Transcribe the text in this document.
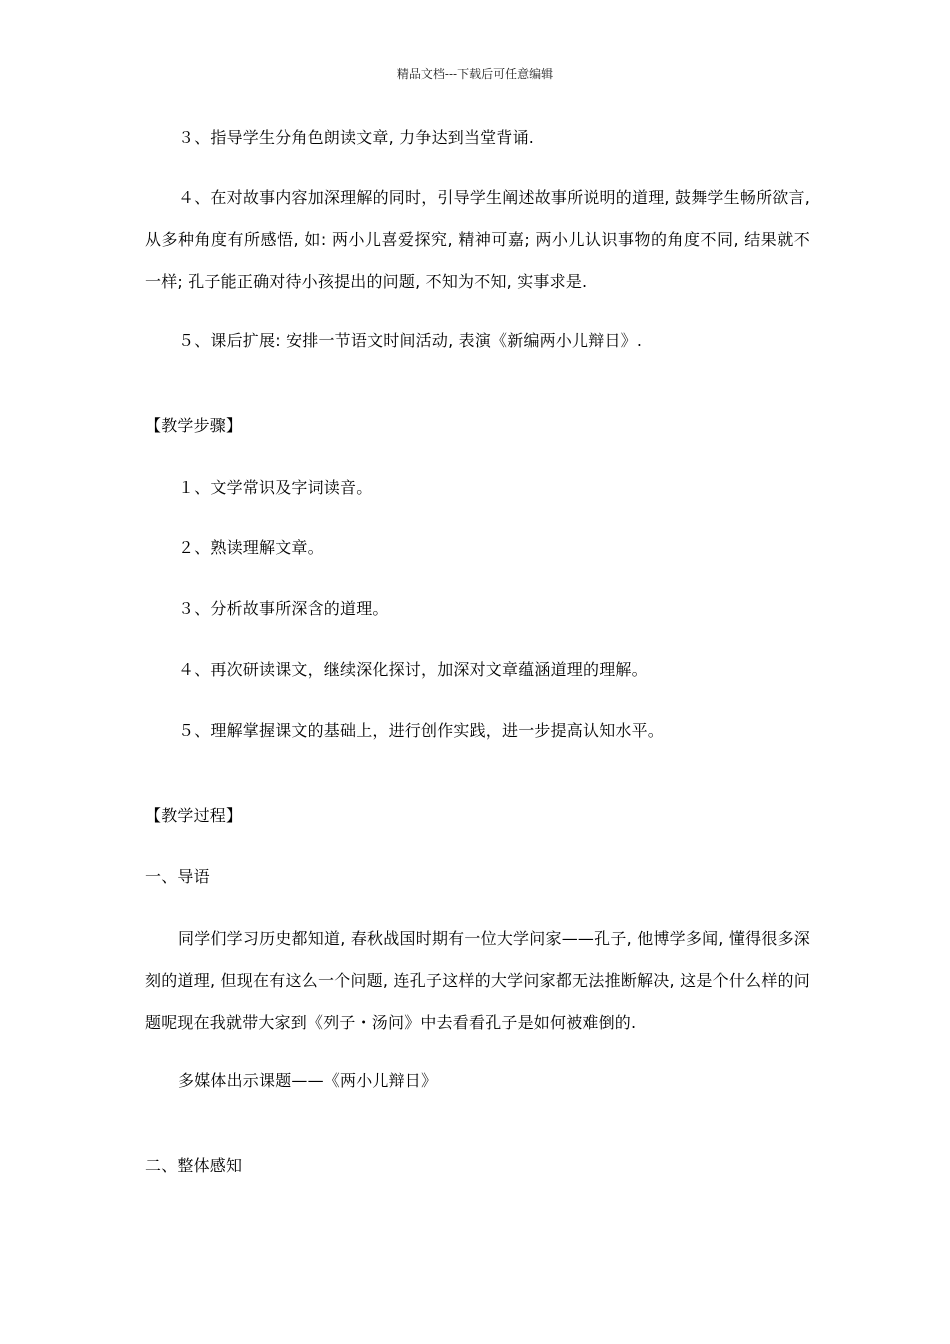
精品文档---下载后可任意编辑
３、指导学生分角色朗读文章, 力争达到当堂背诵.
４、在对故事内容加深理解的同时，引导学生阐述故事所说明的道理, 鼓舞学生畅所欲言, 从多种角度有所感悟, 如: 两小儿喜爱探究, 精神可嘉; 两小儿认识事物的角度不同, 结果就不一样; 孔子能正确对待小孩提出的问题, 不知为不知, 实事求是.
５、课后扩展: 安排一节语文时间活动, 表演《新编两小儿辩日》.
【教学步骤】
１、文学常识及字词读音。
２、熟读理解文章。
３、分析故事所深含的道理。
４、再次研读课文，继续深化探讨，加深对文章蕴涵道理的理解。
５、理解掌握课文的基础上，进行创作实践，进一步提高认知水平。
【教学过程】
一、导语
同学们学习历史都知道, 春秋战国时期有一位大学问家——孔子, 他博学多闻, 懂得很多深刻的道理, 但现在有这么一个问题, 连孔子这样的大学问家都无法推断解决, 这是个什么样的问题呢现在我就带大家到《列子・汤问》中去看看孔子是如何被难倒的.
多媒体出示课题——《两小儿辩日》
二、整体感知
